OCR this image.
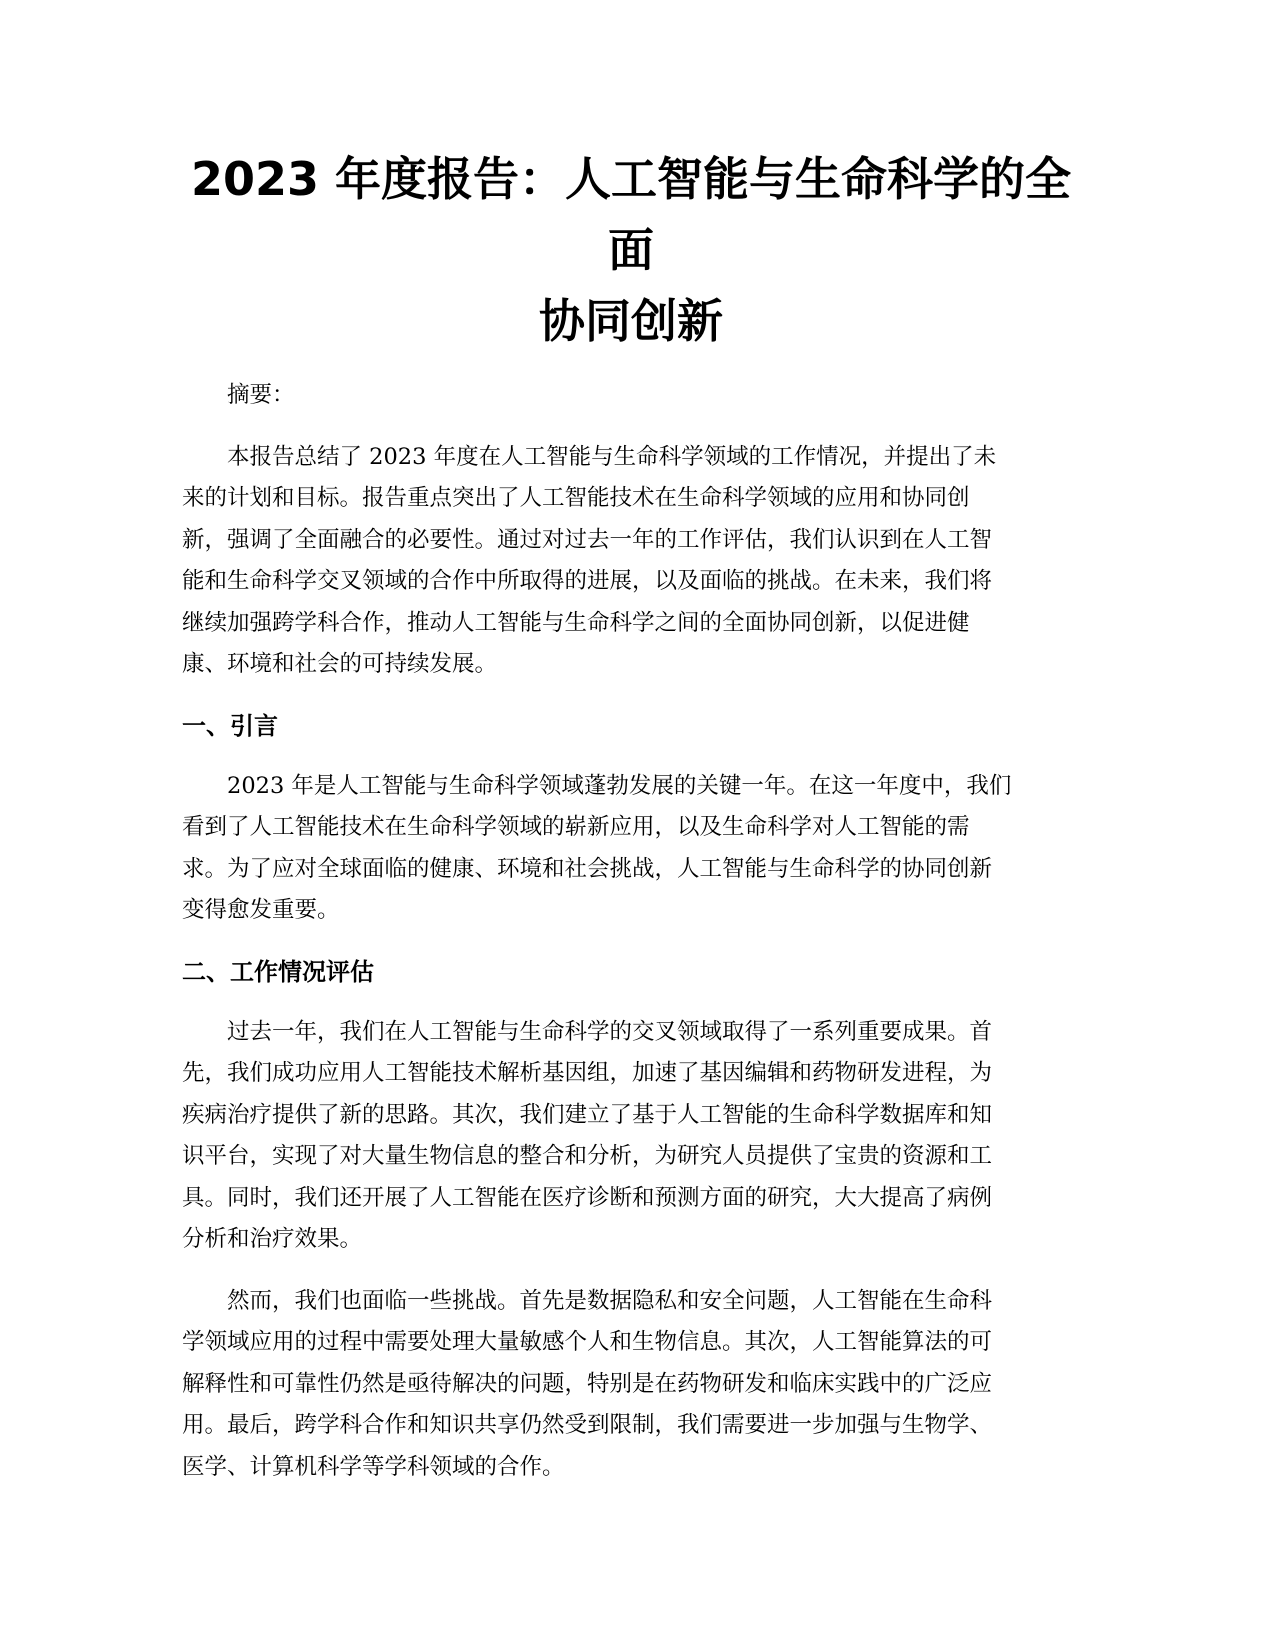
2023 年度报告：人工智能与生命科学的全面
协同创新

摘要：

本报告总结了 2023 年度在人工智能与生命科学领域的工作情况，并提出了未
来的计划和目标。报告重点突出了人工智能技术在生命科学领域的应用和协同创
新，强调了全面融合的必要性。通过对过去一年的工作评估，我们认识到在人工智
能和生命科学交叉领域的合作中所取得的进展，以及面临的挑战。在未来，我们将
继续加强跨学科合作，推动人工智能与生命科学之间的全面协同创新，以促进健
康、环境和社会的可持续发展。

一、引言

2023 年是人工智能与生命科学领域蓬勃发展的关键一年。在这一年度中，我们
看到了人工智能技术在生命科学领域的崭新应用，以及生命科学对人工智能的需
求。为了应对全球面临的健康、环境和社会挑战，人工智能与生命科学的协同创新
变得愈发重要。

二、工作情况评估

过去一年，我们在人工智能与生命科学的交叉领域取得了一系列重要成果。首
先，我们成功应用人工智能技术解析基因组，加速了基因编辑和药物研发进程，为
疾病治疗提供了新的思路。其次，我们建立了基于人工智能的生命科学数据库和知
识平台，实现了对大量生物信息的整合和分析，为研究人员提供了宝贵的资源和工
具。同时，我们还开展了人工智能在医疗诊断和预测方面的研究，大大提高了病例
分析和治疗效果。

然而，我们也面临一些挑战。首先是数据隐私和安全问题，人工智能在生命科
学领域应用的过程中需要处理大量敏感个人和生物信息。其次，人工智能算法的可
解释性和可靠性仍然是亟待解决的问题，特别是在药物研发和临床实践中的广泛应
用。最后，跨学科合作和知识共享仍然受到限制，我们需要进一步加强与生物学、
医学、计算机科学等学科领域的合作。
